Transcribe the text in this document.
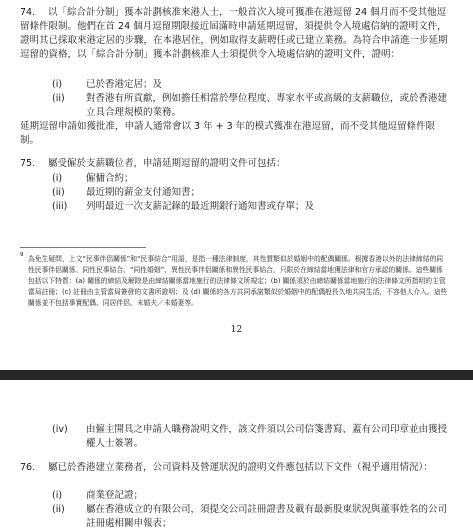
74.	以「綜合計分制」獲本計劃核准來港人士，一般首次入境可獲准在港逗留 24 個月而不受其他逗留條件限制。他們在首 24 個月逗留期限接近屆滿時申請延期逗留，須提供令入境處信納的證明文件，證明其已採取來港定居的步驟，在本港居住，例如取得支薪聘任或已建立業務。為符合申請進一步延期逗留的資格，以「綜合計分制」獲本計劃核准人士須提供令入境處信納的證明文件，證明：
(i)	已於香港定居；及
(ii) 對香港有所貢獻，例如擔任相當於學位程度、專家水平或高級的支薪職位，或於香港建立具合理規模的業務。
延期逗留申請如獲批准，申請人通常會以 3 年 + 3 年的模式獲准在港逗留，而不受其他逗留條件限制。
75.	屬受僱於支薪職位者，申請延期逗留的證明文件可包括：
(i)	僱傭合約；
(ii) 最近期的薪金支付通知書；
(iii) 列明最近一次支薪記錄的最近期銀行通知書或存單；及
9 為免生疑問，上文“民事伴侶關係”和“民事結合”用語，是指一種法律制度，其性質類似於婚姻中的配偶關係。根據香港以外的法律締結的同性民事伴侶關係、同性民事結合、“同性婚姻”、異性民事伴侶關係和異性民事結合，只限於在締結當地獲法律和官方承認的關係。這些關係包括以下特質：(a) 關係的締結及解除是由締結關係當地施行的法律條文所規定；(b) 關係須於由締結關係當地施行的法律條文所指明的主管當局註冊；(c) 註冊由主管當局簽發的文書所證明；及 (d) 關係的各方共同承諾類似於婚姻中的配偶般長久地共同生活，不容他人介入。這些關係並不包括事實配偶、同居伴侶、未婚夫／未婚妻等。
12
(iv) 由僱主開具之申請人職務說明文件，該文件須以公司信箋書寫、蓋有公司印章並由獲授權人士簽署。
76.	屬已於香港建立業務者，公司資料及營運狀況的證明文件應包括以下文件（視乎適用情況）：
(i)	商業登記證；
(ii) 屬在香港成立的有限公司，須提交公司註冊證書及載有最新股東狀況與董事姓名的公司註冊處相關申報表；
